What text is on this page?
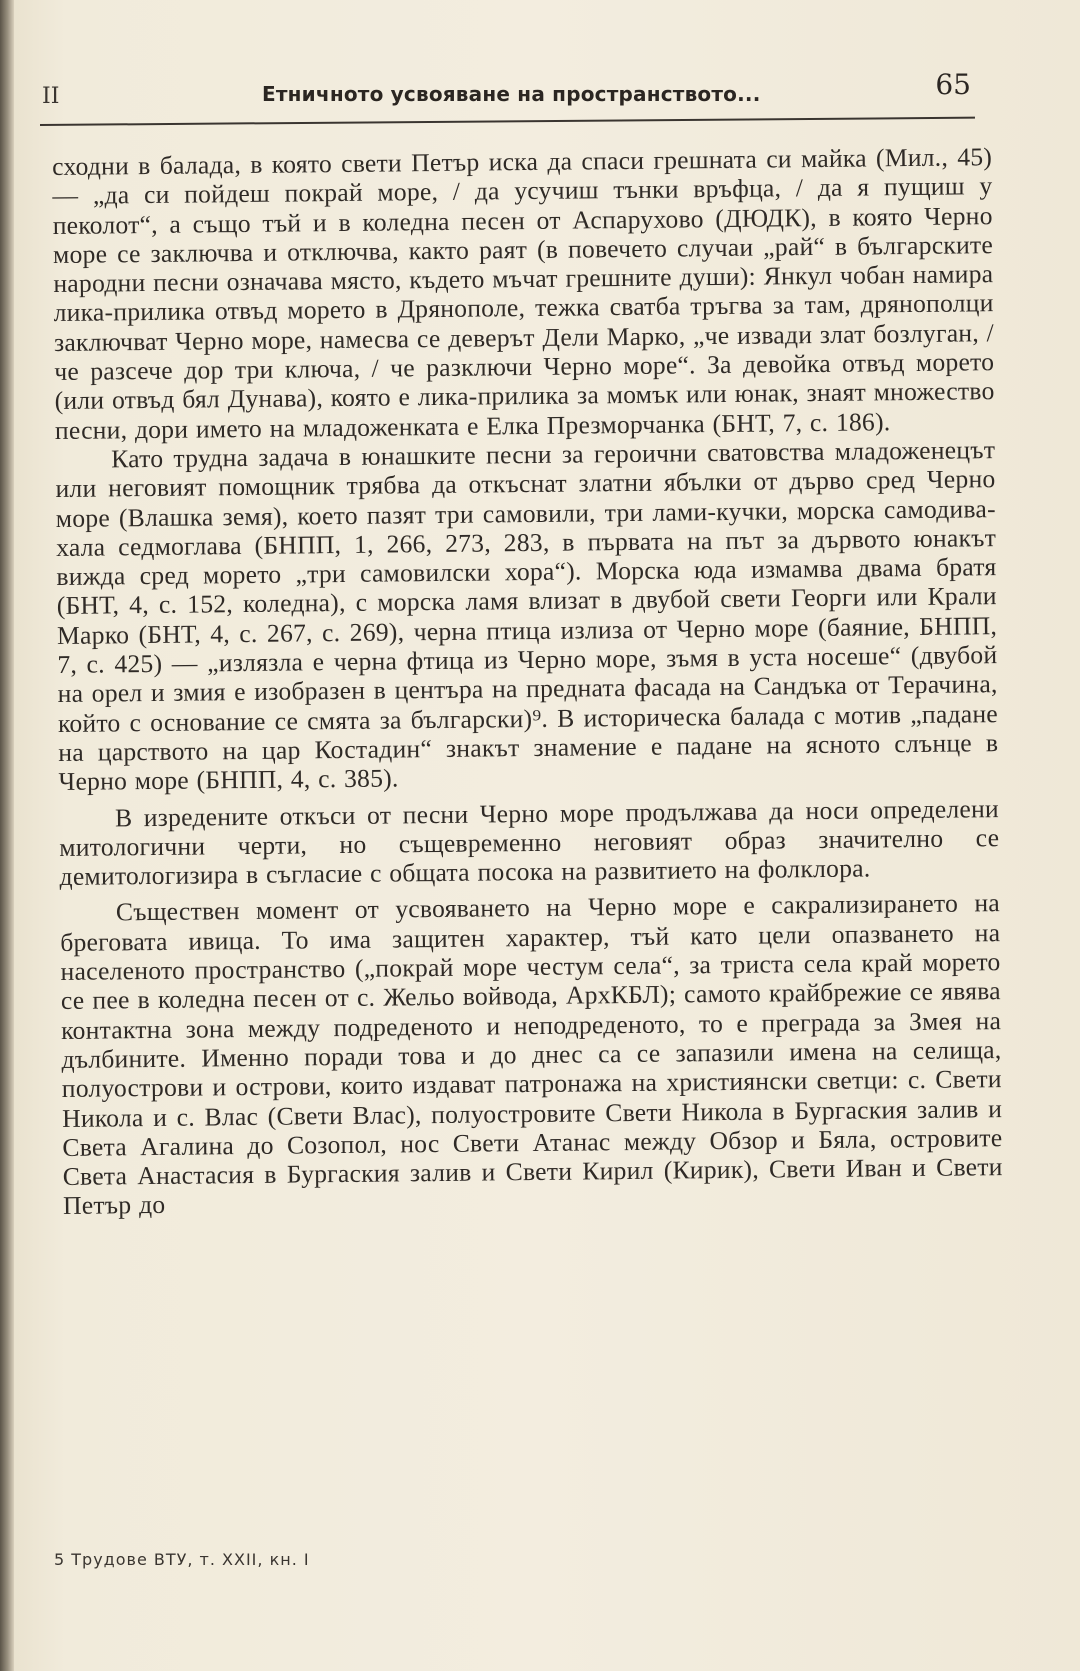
II	Етничното усвояване на пространството...	65

сходни в балада, в която свети Петър иска да спаси грешната си майка (Мил., 45) — „да си пойдеш покрай море, / да усучиш тънки връфца, / да я пущиш у пеколот“, а също тъй и в коледна песен от Аспарухово (ДЮДК), в която Черно море се заключва и отключва, както раят (в повечето случаи „рай“ в българските народни песни означава място, където мъчат грешните души): Янкул чобан намира лика-прилика отвъд морето в Дрянополе, тежка сватба тръгва за там, дрянополци заключват Черно море, намесва се деверът Дели Марко, „че извади злат бозлуган, / че разсече дор три ключа, / че разключи Черно море“. За девойка отвъд морето (или отвъд бял Дунава), която е лика-прилика за момък или юнак, знаят множество песни, дори името на младоженката е Елка Презморчанка (БНТ, 7, с. 186).

Като трудна задача в юнашките песни за героични сватовства младоженецът или неговият помощник трябва да откъснат златни ябълки от дърво сред Черно море (Влашка земя), което пазят три самовили, три лами-кучки, морска самодива-хала седмоглава (БНПП, 1, 266, 273, 283, в първата на път за дървото юнакът вижда сред морето „три самовилски хора“). Морска юда измамва двама братя (БНТ, 4, с. 152, коледна), с морска ламя влизат в двубой свети Георги или Крали Марко (БНТ, 4, с. 267, с. 269), черна птица излиза от Черно море (баяние, БНПП, 7, с. 425) — „излязла е черна фтица из Черно море, зъмя в уста носеше“ (двубой на орел и змия е изобразен в центъра на предната фасада на Сандъка от Терачина, който с основание се смята за български)⁹. В историческа балада с мотив „падане на царството на цар Костадин“ знакът знамение е падане на ясното слънце в Черно море (БНПП, 4, с. 385).

В изредените откъси от песни Черно море продължава да носи определени митологични черти, но същевременно неговият образ значително се демитологизира в съгласие с общата посока на развитието на фолклора.

Съществен момент от усвояването на Черно море е сакрализирането на бреговата ивица. То има защитен характер, тъй като цели опазването на населеното пространство („покрай море честум села“, за триста села край морето се пее в коледна песен от с. Жельо войвода, АрхКБЛ); самото крайбрежие се явява контактна зона между подреденото и неподреденото, то е преграда за Змея на дълбините. Именно поради това и до днес са се запазили имена на селища, полуострови и острови, които издават патронажа на християнски светци: с. Свети Никола и с. Влас (Свети Влас), полуостровите Свети Никола в Бургаския залив и Света Агалина до Созопол, нос Свети Атанас между Обзор и Бяла, островите Света Анастасия в Бургаския залив и Свети Кирил (Кирик), Свети Иван и Свети Петър до

5 Трудове ВТУ, т. XXII, кн. I
